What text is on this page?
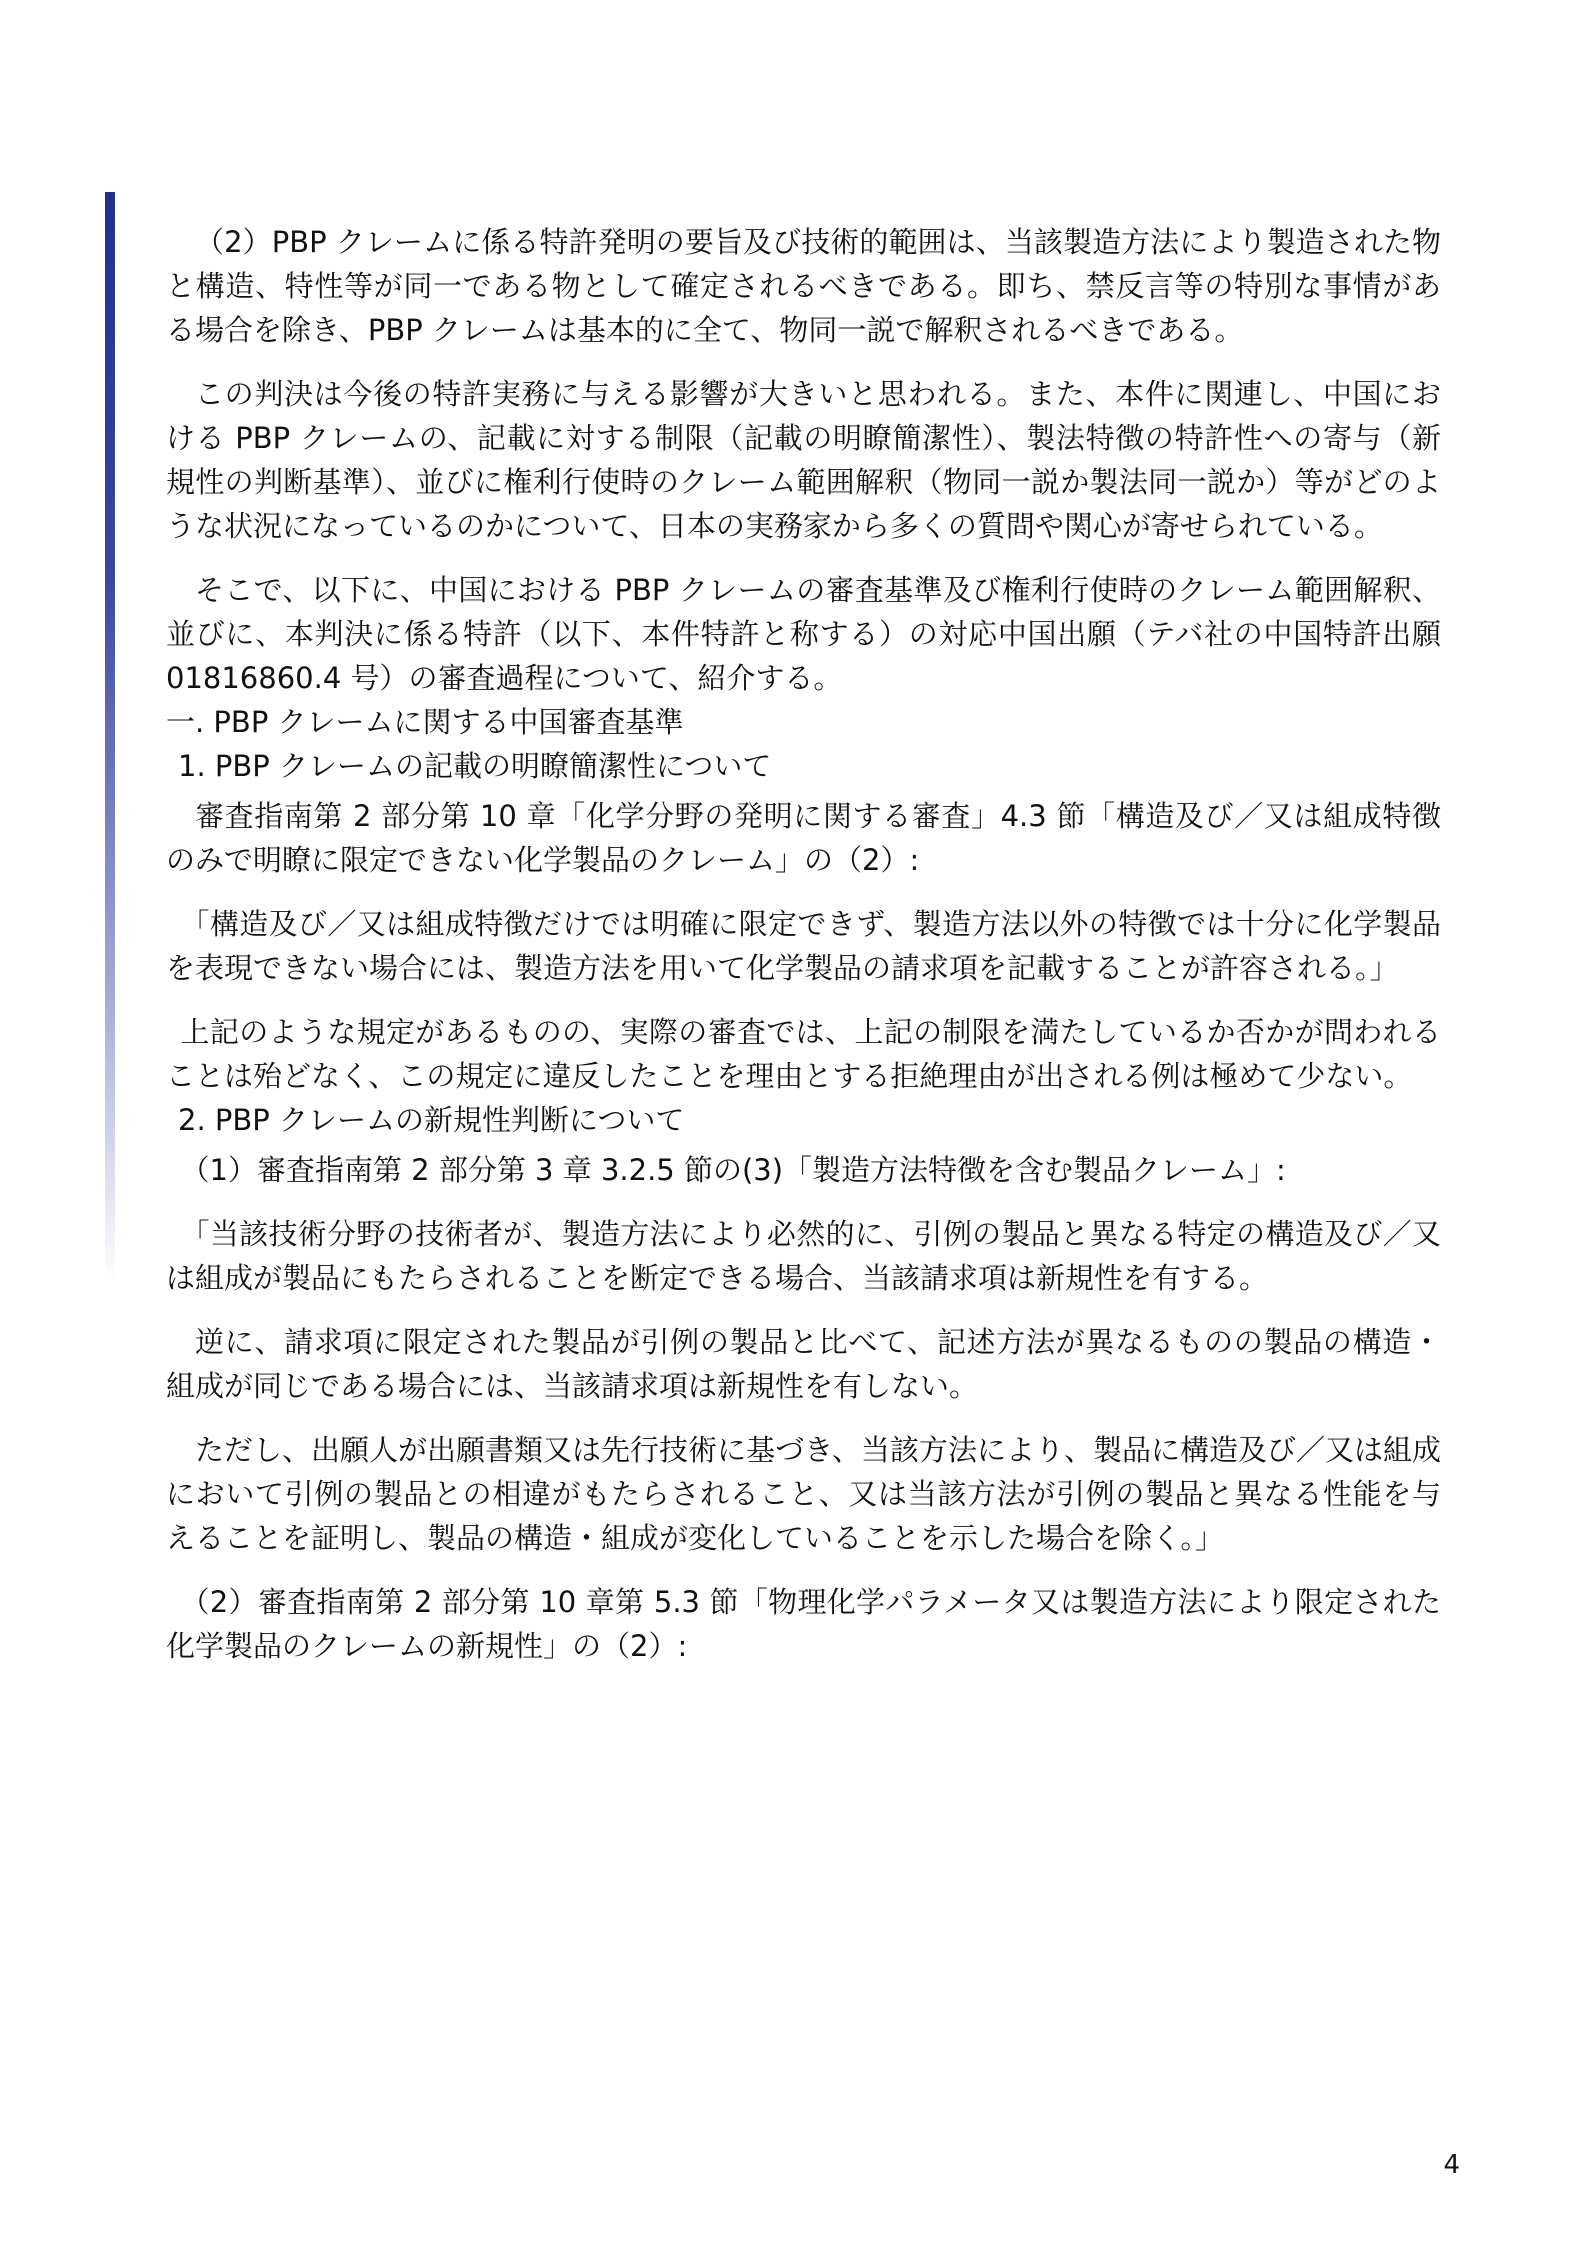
（2）PBP クレームに係る特許発明の要旨及び技術的範囲は、当該製造方法により製造された物と構造、特性等が同一である物として確定されるべきである。即ち、禁反言等の特別な事情がある場合を除き、PBP クレームは基本的に全て、物同一説で解釈されるべきである。

この判決は今後の特許実務に与える影響が大きいと思われる。また、本件に関連し、中国における PBP クレームの、記載に対する制限（記載の明瞭簡潔性）、製法特徴の特許性への寄与（新規性の判断基準）、並びに権利行使時のクレーム範囲解釈（物同一説か製法同一説か）等がどのような状況になっているのかについて、日本の実務家から多くの質問や関心が寄せられている。

そこで、以下に、中国における PBP クレームの審査基準及び権利行使時のクレーム範囲解釈、並びに、本判決に係る特許（以下、本件特許と称する）の対応中国出願（テバ社の中国特許出願 01816860.4 号）の審査過程について、紹介する。

一. PBP クレームに関する中国審査基準

1. PBP クレームの記載の明瞭簡潔性について

審査指南第 2 部分第 10 章「化学分野の発明に関する審査」4.3 節「構造及び／又は組成特徴のみで明瞭に限定できない化学製品のクレーム」の（2）:

「構造及び／又は組成特徴だけでは明確に限定できず、製造方法以外の特徴では十分に化学製品を表現できない場合には、製造方法を用いて化学製品の請求項を記載することが許容される。」

上記のような規定があるものの、実際の審査では、上記の制限を満たしているか否かが問われることは殆どなく、この規定に違反したことを理由とする拒絶理由が出される例は極めて少ない。

2. PBP クレームの新規性判断について

（1）審査指南第 2 部分第 3 章 3.2.5 節の(3)「製造方法特徴を含む製品クレーム」:

「当該技術分野の技術者が、製造方法により必然的に、引例の製品と異なる特定の構造及び／又は組成が製品にもたらされることを断定できる場合、当該請求項は新規性を有する。

逆に、請求項に限定された製品が引例の製品と比べて、記述方法が異なるものの製品の構造・組成が同じである場合には、当該請求項は新規性を有しない。

ただし、出願人が出願書類又は先行技術に基づき、当該方法により、製品に構造及び／又は組成において引例の製品との相違がもたらされること、又は当該方法が引例の製品と異なる性能を与えることを証明し、製品の構造・組成が変化していることを示した場合を除く。」

（2）審査指南第 2 部分第 10 章第 5.3 節「物理化学パラメータ又は製造方法により限定された化学製品のクレームの新規性」の（2）:

4
